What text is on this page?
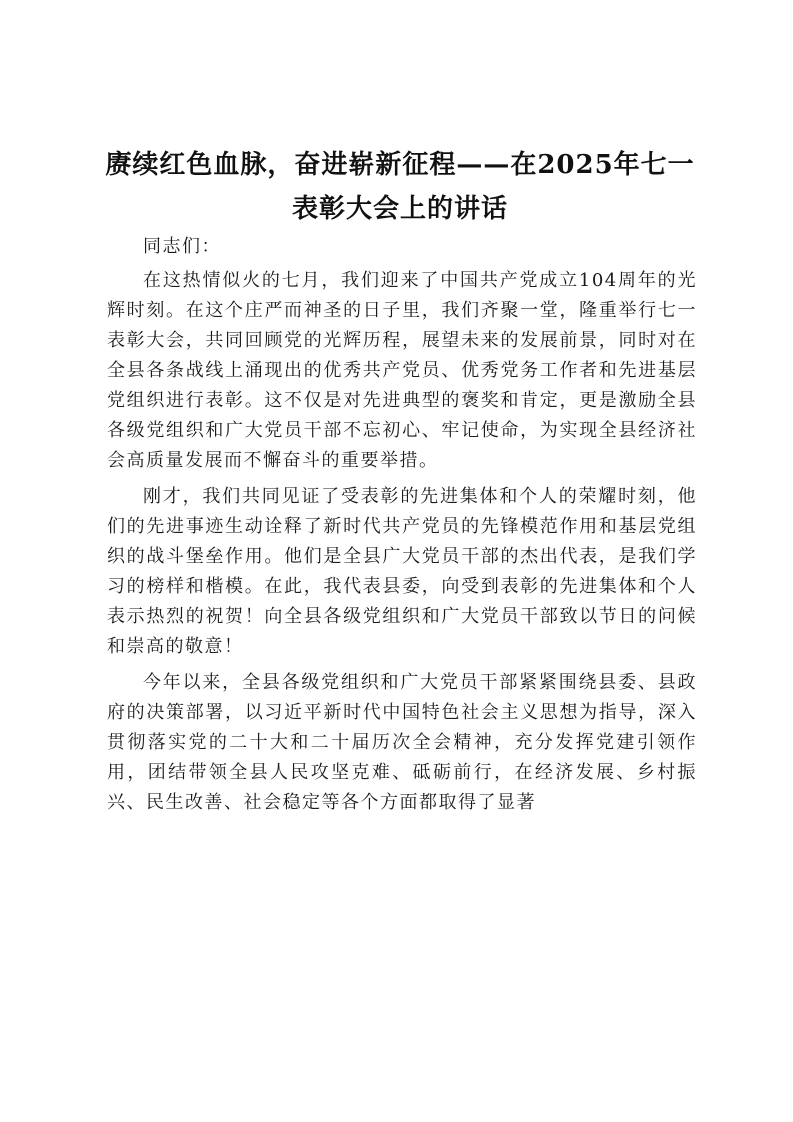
赓续红色血脉，奋进崭新征程——在2025年七一表彰大会上的讲话

同志们：

在这热情似火的七月，我们迎来了中国共产党成立104周年的光辉时刻。在这个庄严而神圣的日子里，我们齐聚一堂，隆重举行七一表彰大会，共同回顾党的光辉历程，展望未来的发展前景，同时对在全县各条战线上涌现出的优秀共产党员、优秀党务工作者和先进基层党组织进行表彰。这不仅是对先进典型的褒奖和肯定，更是激励全县各级党组织和广大党员干部不忘初心、牢记使命，为实现全县经济社会高质量发展而不懈奋斗的重要举措。

刚才，我们共同见证了受表彰的先进集体和个人的荣耀时刻，他们的先进事迹生动诠释了新时代共产党员的先锋模范作用和基层党组织的战斗堡垒作用。他们是全县广大党员干部的杰出代表，是我们学习的榜样和楷模。在此，我代表县委，向受到表彰的先进集体和个人表示热烈的祝贺！向全县各级党组织和广大党员干部致以节日的问候和崇高的敬意！

今年以来，全县各级党组织和广大党员干部紧紧围绕县委、县政府的决策部署，以习近平新时代中国特色社会主义思想为指导，深入贯彻落实党的二十大和二十届历次全会精神，充分发挥党建引领作用，团结带领全县人民攻坚克难、砥砺前行，在经济发展、乡村振兴、民生改善、社会稳定等各个方面都取得了显著
